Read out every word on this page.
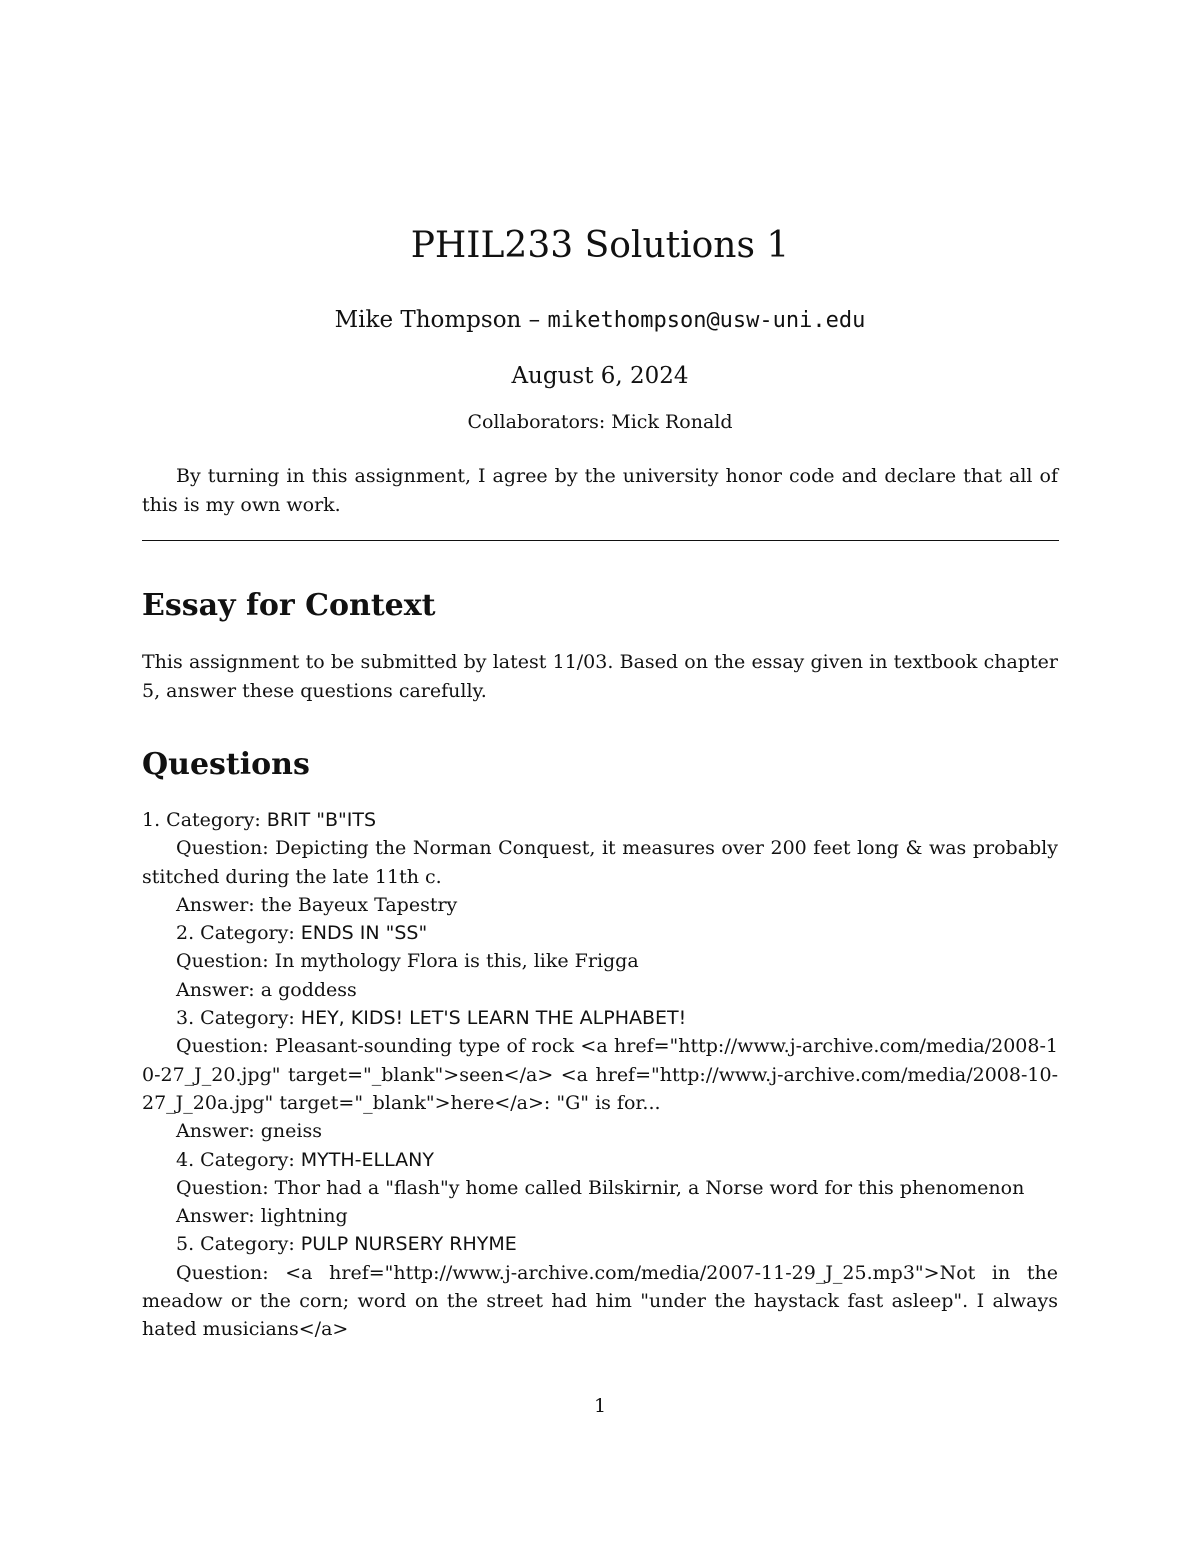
PHIL233 Solutions 1
Mike Thompson – mikethompson@usw-uni.edu
August 6, 2024
Collaborators: Mick Ronald

By turning in this assignment, I agree by the university honor code and declare that all of this is my own work.

Essay for Context

This assignment to be submitted by latest 11/03. Based on the essay given in textbook chapter 5, answer these questions carefully.

Questions
1. Category: BRIT "B"ITS
Question: Depicting the Norman Conquest, it measures over 200 feet long & was probably stitched during the late 11th c.
Answer: the Bayeux Tapestry
2. Category: ENDS IN "SS"
Question: In mythology Flora is this, like Frigga
Answer: a goddess
3. Category: HEY, KIDS! LET'S LEARN THE ALPHABET!
Question: Pleasant-sounding type of rock <a href="http://www.j-archive.com/media/2008-10-27_J_20.jpg" target="_blank">seen</a> <a href="http://www.j-archive.com/media/2008-10-27_J_20a.jpg" target="_blank">here</a>: "G" is for...
Answer: gneiss
4. Category: MYTH-ELLANY
Question: Thor had a "flash"y home called Bilskirnir, a Norse word for this phenomenon
Answer: lightning
5. Category: PULP NURSERY RHYME
Question: <a href="http://www.j-archive.com/media/2007-11-29_J_25.mp3">Not in the meadow or the corn; word on the street had him "under the haystack fast asleep". I always hated musicians</a>
1
